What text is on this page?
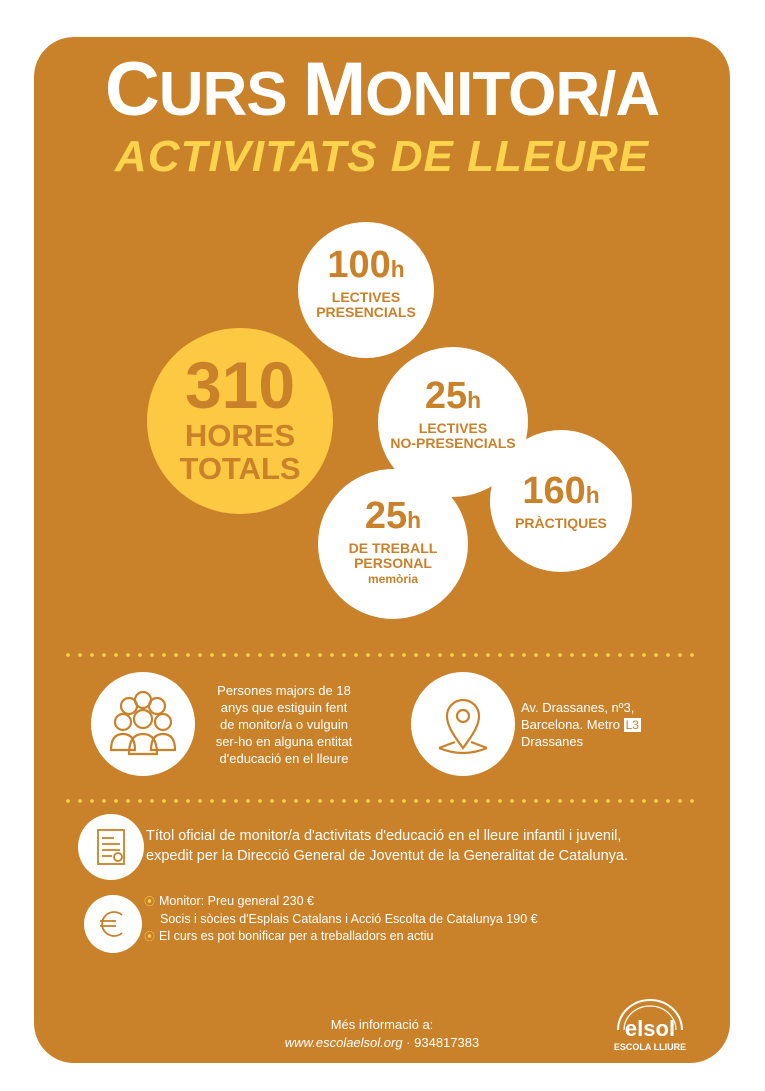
CURS MONITOR/A
ACTIVITATS DE LLEURE
310
HORES
TOTALS
100h
LECTIVES
PRESENCIALS
25h
LECTIVES
NO-PRESENCIALS
160h
PRÀCTIQUES
25h
DE TREBALL
PERSONAL
memòria
Persones majors de 18
anys que estiguin fent
de monitor/a o vulguin
ser-ho en alguna entitat
d'educació en el lleure
Av. Drassanes, nº3,
Barcelona. Metro L3
Drassanes
Títol oficial de monitor/a d'activitats d'educació en el lleure infantil i juvenil,
expedit per la Direcció General de Joventut de la Generalitat de Catalunya.
⦿ Monitor: Preu general 230 €
Socis i sòcies d'Esplais Catalans i Acció Escolta de Catalunya 190 €
⦿ El curs es pot bonificar per a treballadors en actiu
Més informació a:
www.escolaelsol.org · 934817383
elsol
ESCOLA LLIURE
